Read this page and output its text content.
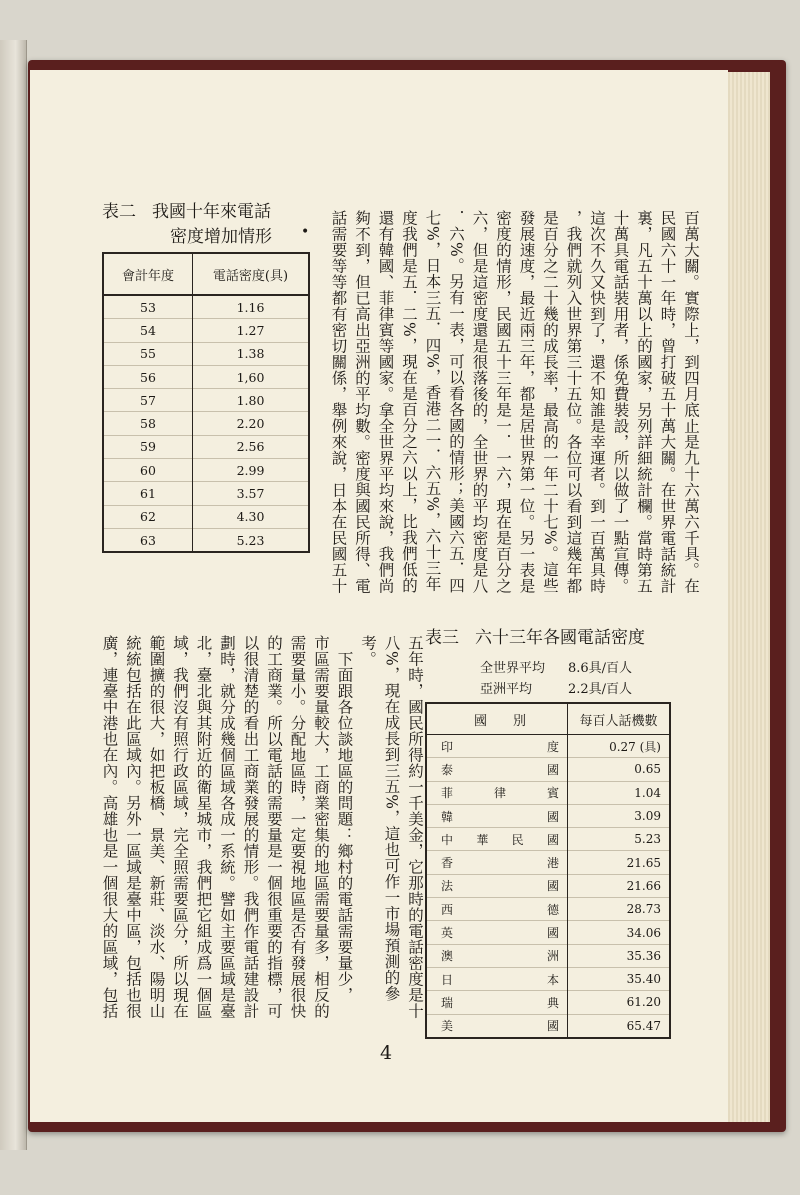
百萬大關。實際上，到四月底止是九十六萬六千具。在
民國六十一年時，曾打破五十萬大關。在世界電話統計
裏，凡五十萬以上的國家，另列詳細統計欄。當時第五
十萬具電話裝用者，係免費裝設，所以做了一點宣傳。
這次不久又快到了，還不知誰是幸運者。到一百萬具時
，我們就列入世界第三十五位。各位可以看到這幾年都
是百分之二十幾的成長率，最高的一年二十七%。這些
發展速度，最近兩三年，都是居世界第一位。另一表是
密度的情形，民國五十三年是一．一六，現在是百分之
六，但是這密度還是很落後的，全世界的平均密度是八
．六%。另有一表，可以看各國的情形；美國六五．四
七%，日本三五．四%，香港二一．六五%，六十三年
度我們是五．二%，現在是百分之六以上，比我們低的
還有韓國、菲律賓等國家。拿全世界平均來說，我們尚
夠不到，但已高出亞洲的平均數。密度與國民所得、電
話需要等等都有密切關係，舉例來說，日本在民國五十
表二 我國十年來電話
密度增加情形 •
會計年度	電話密度(具)
53	1.16
54	1.27
55	1.38
56	1,60
57	1.80
58	2.20
59	2.56
60	2.99
61	3.57
62	4.30
63	5.23
五年時，國民所得約一千美金，它那時的電話密度是十
八%，現在成長到三五%，這也可作一市場預測的參
考。
　下面跟各位談地區的問題：鄉村的電話需要量少，
市區需要量較大，工商業密集的地區需要量多，相反的
需要量小。分配地區時，一定要視地區是否有發展很快
的工商業。所以電話的需要量是一個很重要的指標，可
以很清楚的看出工商業發展的情形。我們作電話建設計
劃時，就分成幾個區域各成一系統。譬如主要區域是臺
北，臺北與其附近的衛星城市，我們把它組成爲一個區
域，我們沒有照行政區域，完全照需要區分，所以現在
範圍擴的很大，如把板橋、景美、新莊、淡水、陽明山
統統包括在此區域內。另外一區域是臺中區，包括也很
廣，連臺中港也在內。高雄也是一個很大的區域，包括	表三 六十三年各國電話密度
全世界平均 8.6具/百人
亞洲平均	2.2具/百人
國　　別	每百人話機數
印度	0.27 (具)
泰國	0.65
菲律賓	1.04
韓國	3.09
中華民國	5.23
香港	21.65
法國	21.66
西德	28.73
英國	34.06
澳洲	35.36
日本	35.40
瑞典	61.20
美國	65.47
4
